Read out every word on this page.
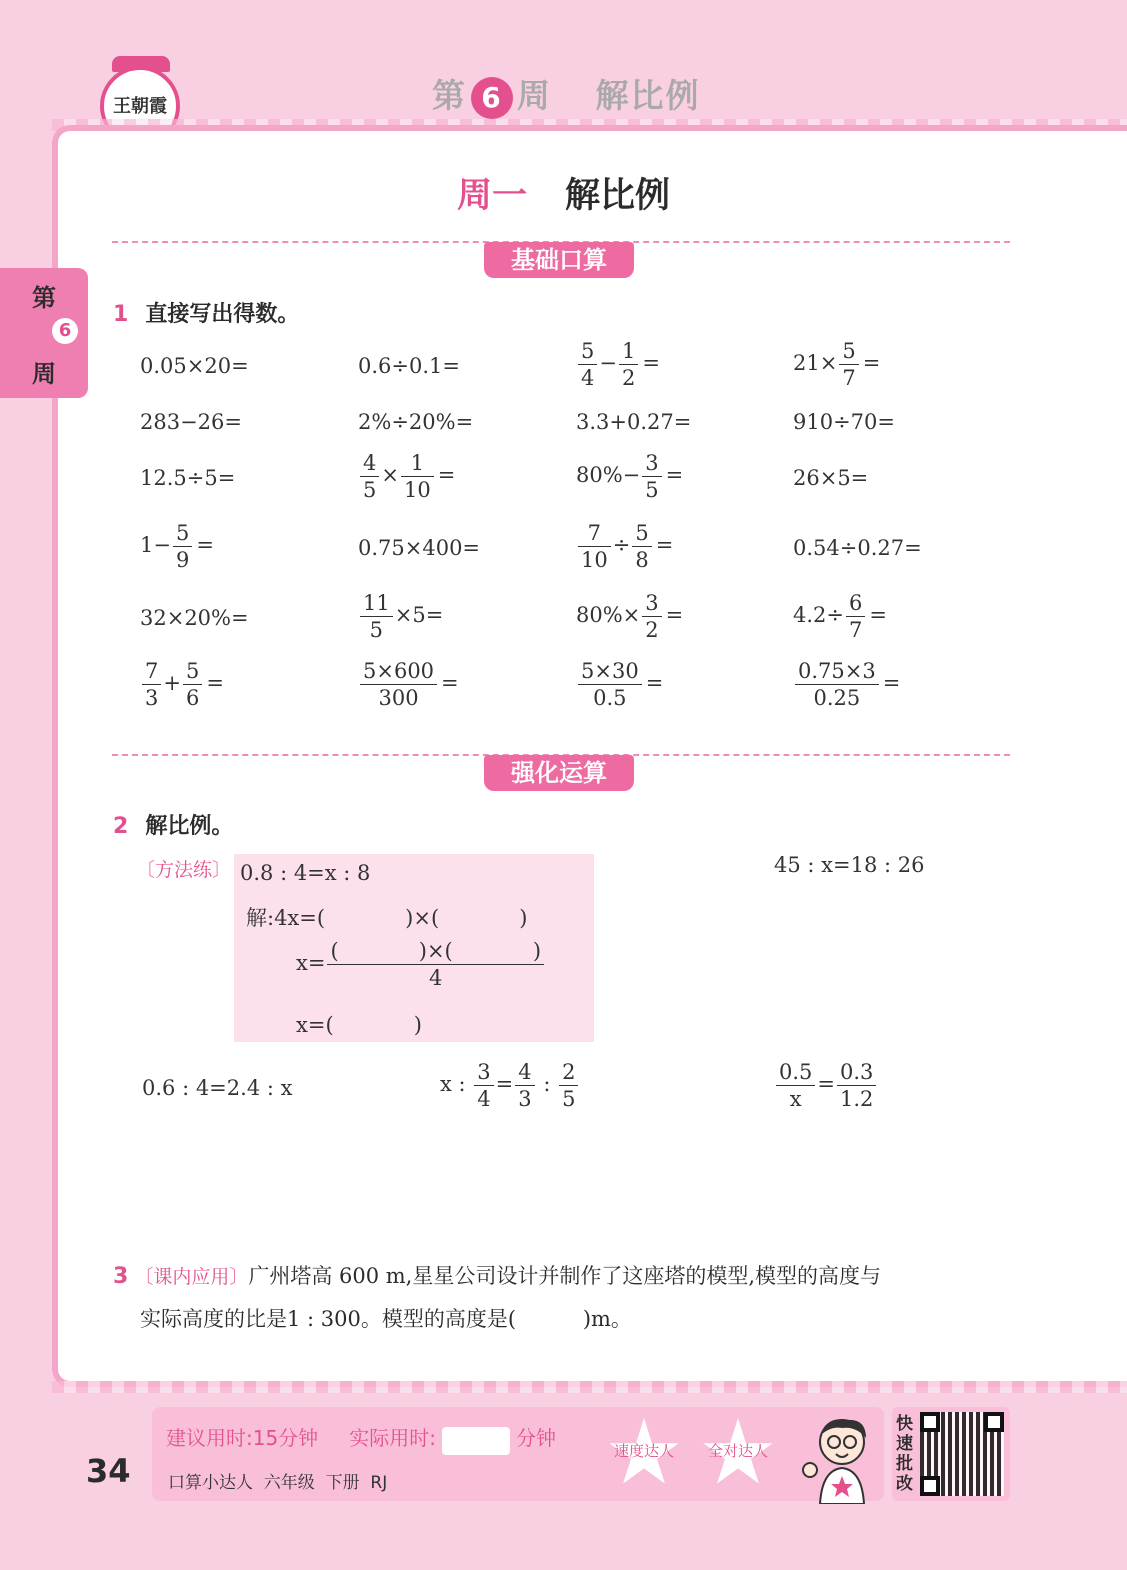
王朝霞	第 6 周 解比例
第
6
周
周一 解比例
基础口算
1 直接写出得数。
0.05×20=	0.6÷0.1=	$\frac{5}{4} - \frac{1}{2}$ =	$21\times \frac{5}{7}$ =
283−26=	2%÷20%=	3.3+0.27=	910÷70=
12.5÷5=	$\frac{4}{5} \times \frac{1}{10}$ =	$80\%- \frac{3}{5}$ =	26×5=
$1- \frac{5}{9}$ =	0.75×400=	$\frac{7}{10} \div \frac{5}{8}$ =	0.54÷0.27=
32×20%=	$\frac{11}{5} \times 5=$	$80\%\times \frac{3}{2}$ =	$4.2\div \frac{6}{7}$ =
$\frac{7}{3} + \frac{5}{6}$ =	$\frac{5\times 600}{300}$ =	$\frac{5\times 30}{0.5}$ =	$\frac{0.75\times 3}{0.25}$ =
强化运算
2 解比例。
〔方法练〕 0.8 : 4=x : 8
解:4x=(            )×(            )
$x= \frac{( )\times( )}{4}$
x=(            )
45 : x=18 : 26
0.6 : 4=2.4 : x	x : $\frac{3}{4} = \frac{4}{3}$ : $\frac{2}{5}$	$\frac{0.5}{x} = \frac{0.3}{1.2}$
3 〔课内应用〕广州塔高 600 m,星星公司设计并制作了这座塔的模型,模型的高度与
实际高度的比是1 : 300。模型的高度是(          )m。
建议用时:15分钟 实际用时:	分钟
口算小达人  六年级  下册  RJ
速度达人	全对达人
34
快速批改
